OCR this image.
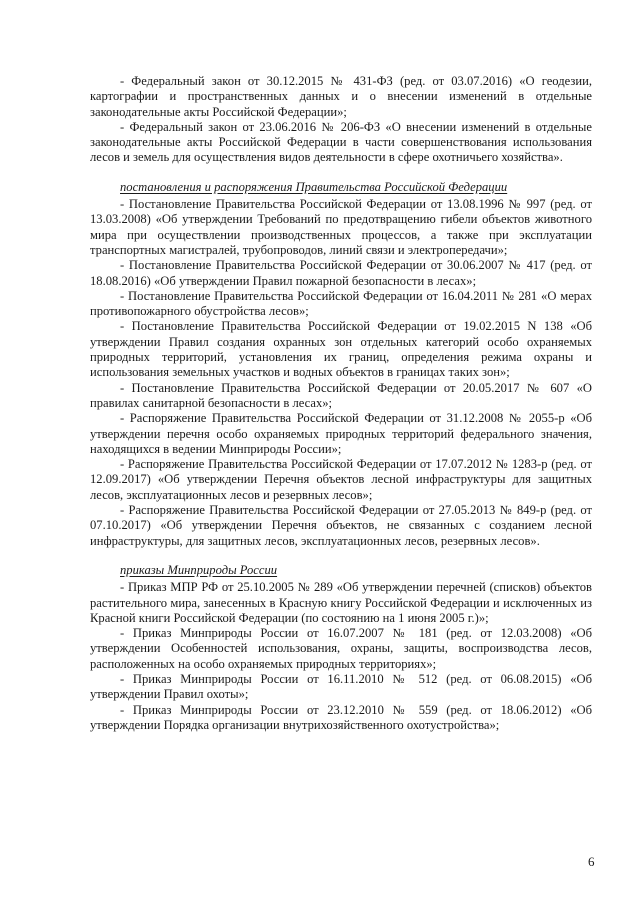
- Федеральный закон от 30.12.2015 № 431-ФЗ (ред. от 03.07.2016) «О геодезии, картографии и пространственных данных и о внесении изменений в отдельные законодательные акты Российской Федерации»;

- Федеральный закон от 23.06.2016 № 206-ФЗ «О внесении изменений в отдельные законодательные акты Российской Федерации в части совершенствования использования лесов и земель для осуществления видов деятельности в сфере охотничьего хозяйства».

постановления и распоряжения Правительства Российской Федерации

- Постановление Правительства Российской Федерации от 13.08.1996 № 997 (ред. от 13.03.2008) «Об утверждении Требований по предотвращению гибели объектов животного мира при осуществлении производственных процессов, а также при эксплуатации транспортных магистралей, трубопроводов, линий связи и электропередачи»;

- Постановление Правительства Российской Федерации от 30.06.2007 № 417 (ред. от 18.08.2016) «Об утверждении Правил пожарной безопасности в лесах»;

- Постановление Правительства Российской Федерации от 16.04.2011 № 281 «О мерах противопожарного обустройства лесов»;

- Постановление Правительства Российской Федерации от 19.02.2015 N 138 «Об утверждении Правил создания охранных зон отдельных категорий особо охраняемых природных территорий, установления их границ, определения режима охраны и использования земельных участков и водных объектов в границах таких зон»;

- Постановление Правительства Российской Федерации от 20.05.2017 № 607 «О правилах санитарной безопасности в лесах»;

- Распоряжение Правительства Российской Федерации от 31.12.2008 № 2055-р «Об утверждении перечня особо охраняемых природных территорий федерального значения, находящихся в ведении Минприроды России»;

- Распоряжение Правительства Российской Федерации от 17.07.2012 № 1283-р (ред. от 12.09.2017) «Об утверждении Перечня объектов лесной инфраструктуры для защитных лесов, эксплуатационных лесов и резервных лесов»;

- Распоряжение Правительства Российской Федерации от 27.05.2013 № 849-р (ред. от 07.10.2017) «Об утверждении Перечня объектов, не связанных с созданием лесной инфраструктуры, для защитных лесов, эксплуатационных лесов, резервных лесов».

приказы Минприроды России

- Приказ МПР РФ от 25.10.2005 № 289 «Об утверждении перечней (списков) объектов растительного мира, занесенных в Красную книгу Российской Федерации и исключенных из Красной книги Российской Федерации (по состоянию на 1 июня 2005 г.)»;

- Приказ Минприроды России от 16.07.2007 № 181 (ред. от 12.03.2008) «Об утверждении Особенностей использования, охраны, защиты, воспроизводства лесов, расположенных на особо охраняемых природных территориях»;

- Приказ Минприроды России от 16.11.2010 № 512 (ред. от 06.08.2015) «Об утверждении Правил охоты»;

- Приказ Минприроды России от 23.12.2010 № 559 (ред. от 18.06.2012) «Об утверждении Порядка организации внутрихозяйственного охотустройства»;

6
